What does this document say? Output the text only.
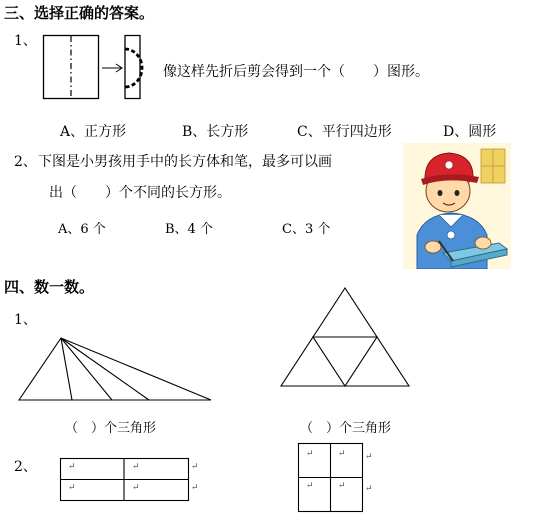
三、选择正确的答案。
1、
像这样先折后剪会得到一个（　　）图形。
A、正方形	B、长方形	C、平行四边形	D、圆形
2、 下图是小男孩用手中的长方体和笔，最多可以画
出（　　）个不同的长方形。
A、6 个	B、4 个	C、3 个
四、数一数。
1、
（　）个三角形	（　）个三角形
2、	↵	↵
↵	↵
↵
↵
↵	↵
↵	↵
↵
↵
